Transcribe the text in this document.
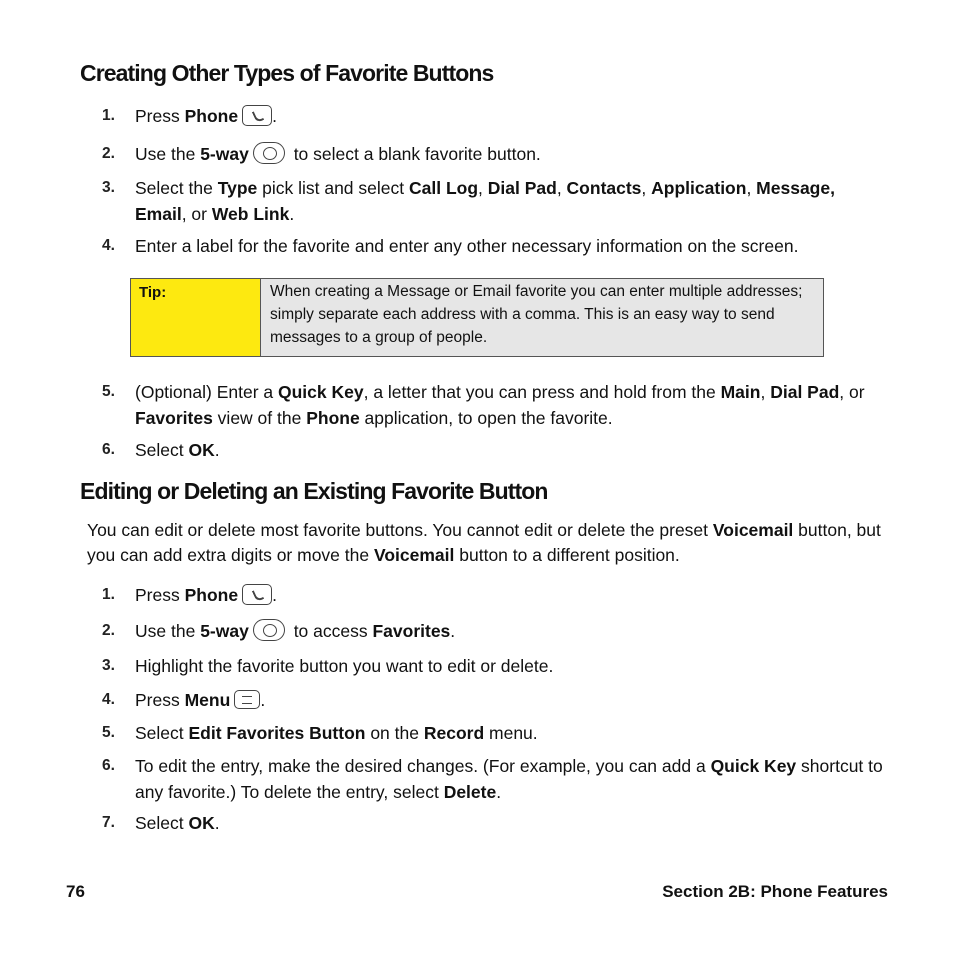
Creating Other Types of Favorite Buttons
1.	Press Phone .
2.	Use the 5-way to select a blank favorite button.
3.	Select the Type pick list and select Call Log, Dial Pad, Contacts, Application, Message,
Email, or Web Link.
4.	Enter a label for the favorite and enter any other necessary information on the screen.
Tip:	When creating a Message or Email favorite you can enter multiple addresses; simply separate each address with a comma. This is an easy way to send messages to a group of people.
5.	(Optional) Enter a Quick Key, a letter that you can press and hold from the Main, Dial Pad, or Favorites view of the Phone application, to open the favorite.
6.	Select OK.
Editing or Deleting an Existing Favorite Button

You can edit or delete most favorite buttons. You cannot edit or delete the preset Voicemail button, but you can add extra digits or move the Voicemail button to a different position.

1.	Press Phone .
2.	Use the 5-way to access Favorites.
3.	Highlight the favorite button you want to edit or delete.
4.	Press Menu .
5.	Select Edit Favorites Button on the Record menu.
6.	To edit the entry, make the desired changes. (For example, you can add a Quick Key shortcut to any favorite.) To delete the entry, select Delete.
7.	Select OK.
76	Section 2B: Phone Features
